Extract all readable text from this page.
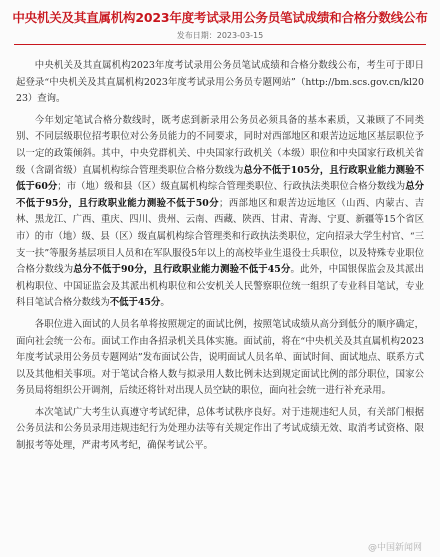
中央机关及其直属机构2023年度考试录用公务员笔试成绩和合格分数线公布
发布日期：2023-03-15

中央机关及其直属机构2023年度考试录用公务员笔试成绩和合格分数线公布，考生可于即日起登录“中央机关及其直属机构2023年度考试录用公务员专题网站”（http://bm.scs.gov.cn/kl2023）查询。

今年划定笔试合格分数线时，既考虑到新录用公务员必须具备的基本素质，又兼顾了不同类别、不同层级职位招考职位对公务员能力的不同要求，同时对西部地区和艰苦边远地区基层职位予以一定的政策倾斜。其中，中央党群机关、中央国家行政机关（本级）职位和中央国家行政机关省级（含副省级）直属机构综合管理类职位合格分数线为总分不低于105分，且行政职业能力测验不低于60分；市（地）级和县（区）级直属机构综合管理类职位、行政执法类职位合格分数线为总分不低于95分，且行政职业能力测验不低于50分；西部地区和艰苦边远地区（山西、内蒙古、吉林、黑龙江、广西、重庆、四川、贵州、云南、西藏、陕西、甘肃、青海、宁夏、新疆等15个省区市）的市（地）级、县（区）级直属机构综合管理类和行政执法类职位，定向招录大学生村官、“三支一扶”等服务基层项目人员和在军队服役5年以上的高校毕业生退役士兵职位，以及特殊专业职位合格分数线为总分不低于90分，且行政职业能力测验不低于45分。此外，中国银保监会及其派出机构职位、中国证监会及其派出机构职位和公安机关人民警察职位统一组织了专业科目笔试，专业科目笔试合格分数线为不低于45分。

各职位进入面试的人员名单将按照规定的面试比例，按照笔试成绩从高分到低分的顺序确定，面向社会统一公布。面试工作由各招录机关具体实施。面试前，将在“中央机关及其直属机构2023年度考试录用公务员专题网站”发布面试公告，说明面试人员名单、面试时间、面试地点、联系方式以及其他相关事项。对于笔试合格人数与拟录用人数比例未达到规定面试比例的部分职位，国家公务员局将组织公开调剂，后续还将针对出现人员空缺的职位，面向社会统一进行补充录用。

本次笔试广大考生认真遵守考试纪律，总体考试秩序良好。对于违规违纪人员，有关部门根据公务员法和公务员录用违规违纪行为处理办法等有关规定作出了考试成绩无效、取消考试资格、限制报考等处理，严肃考风考纪，确保考试公平。

@中国新闻网
